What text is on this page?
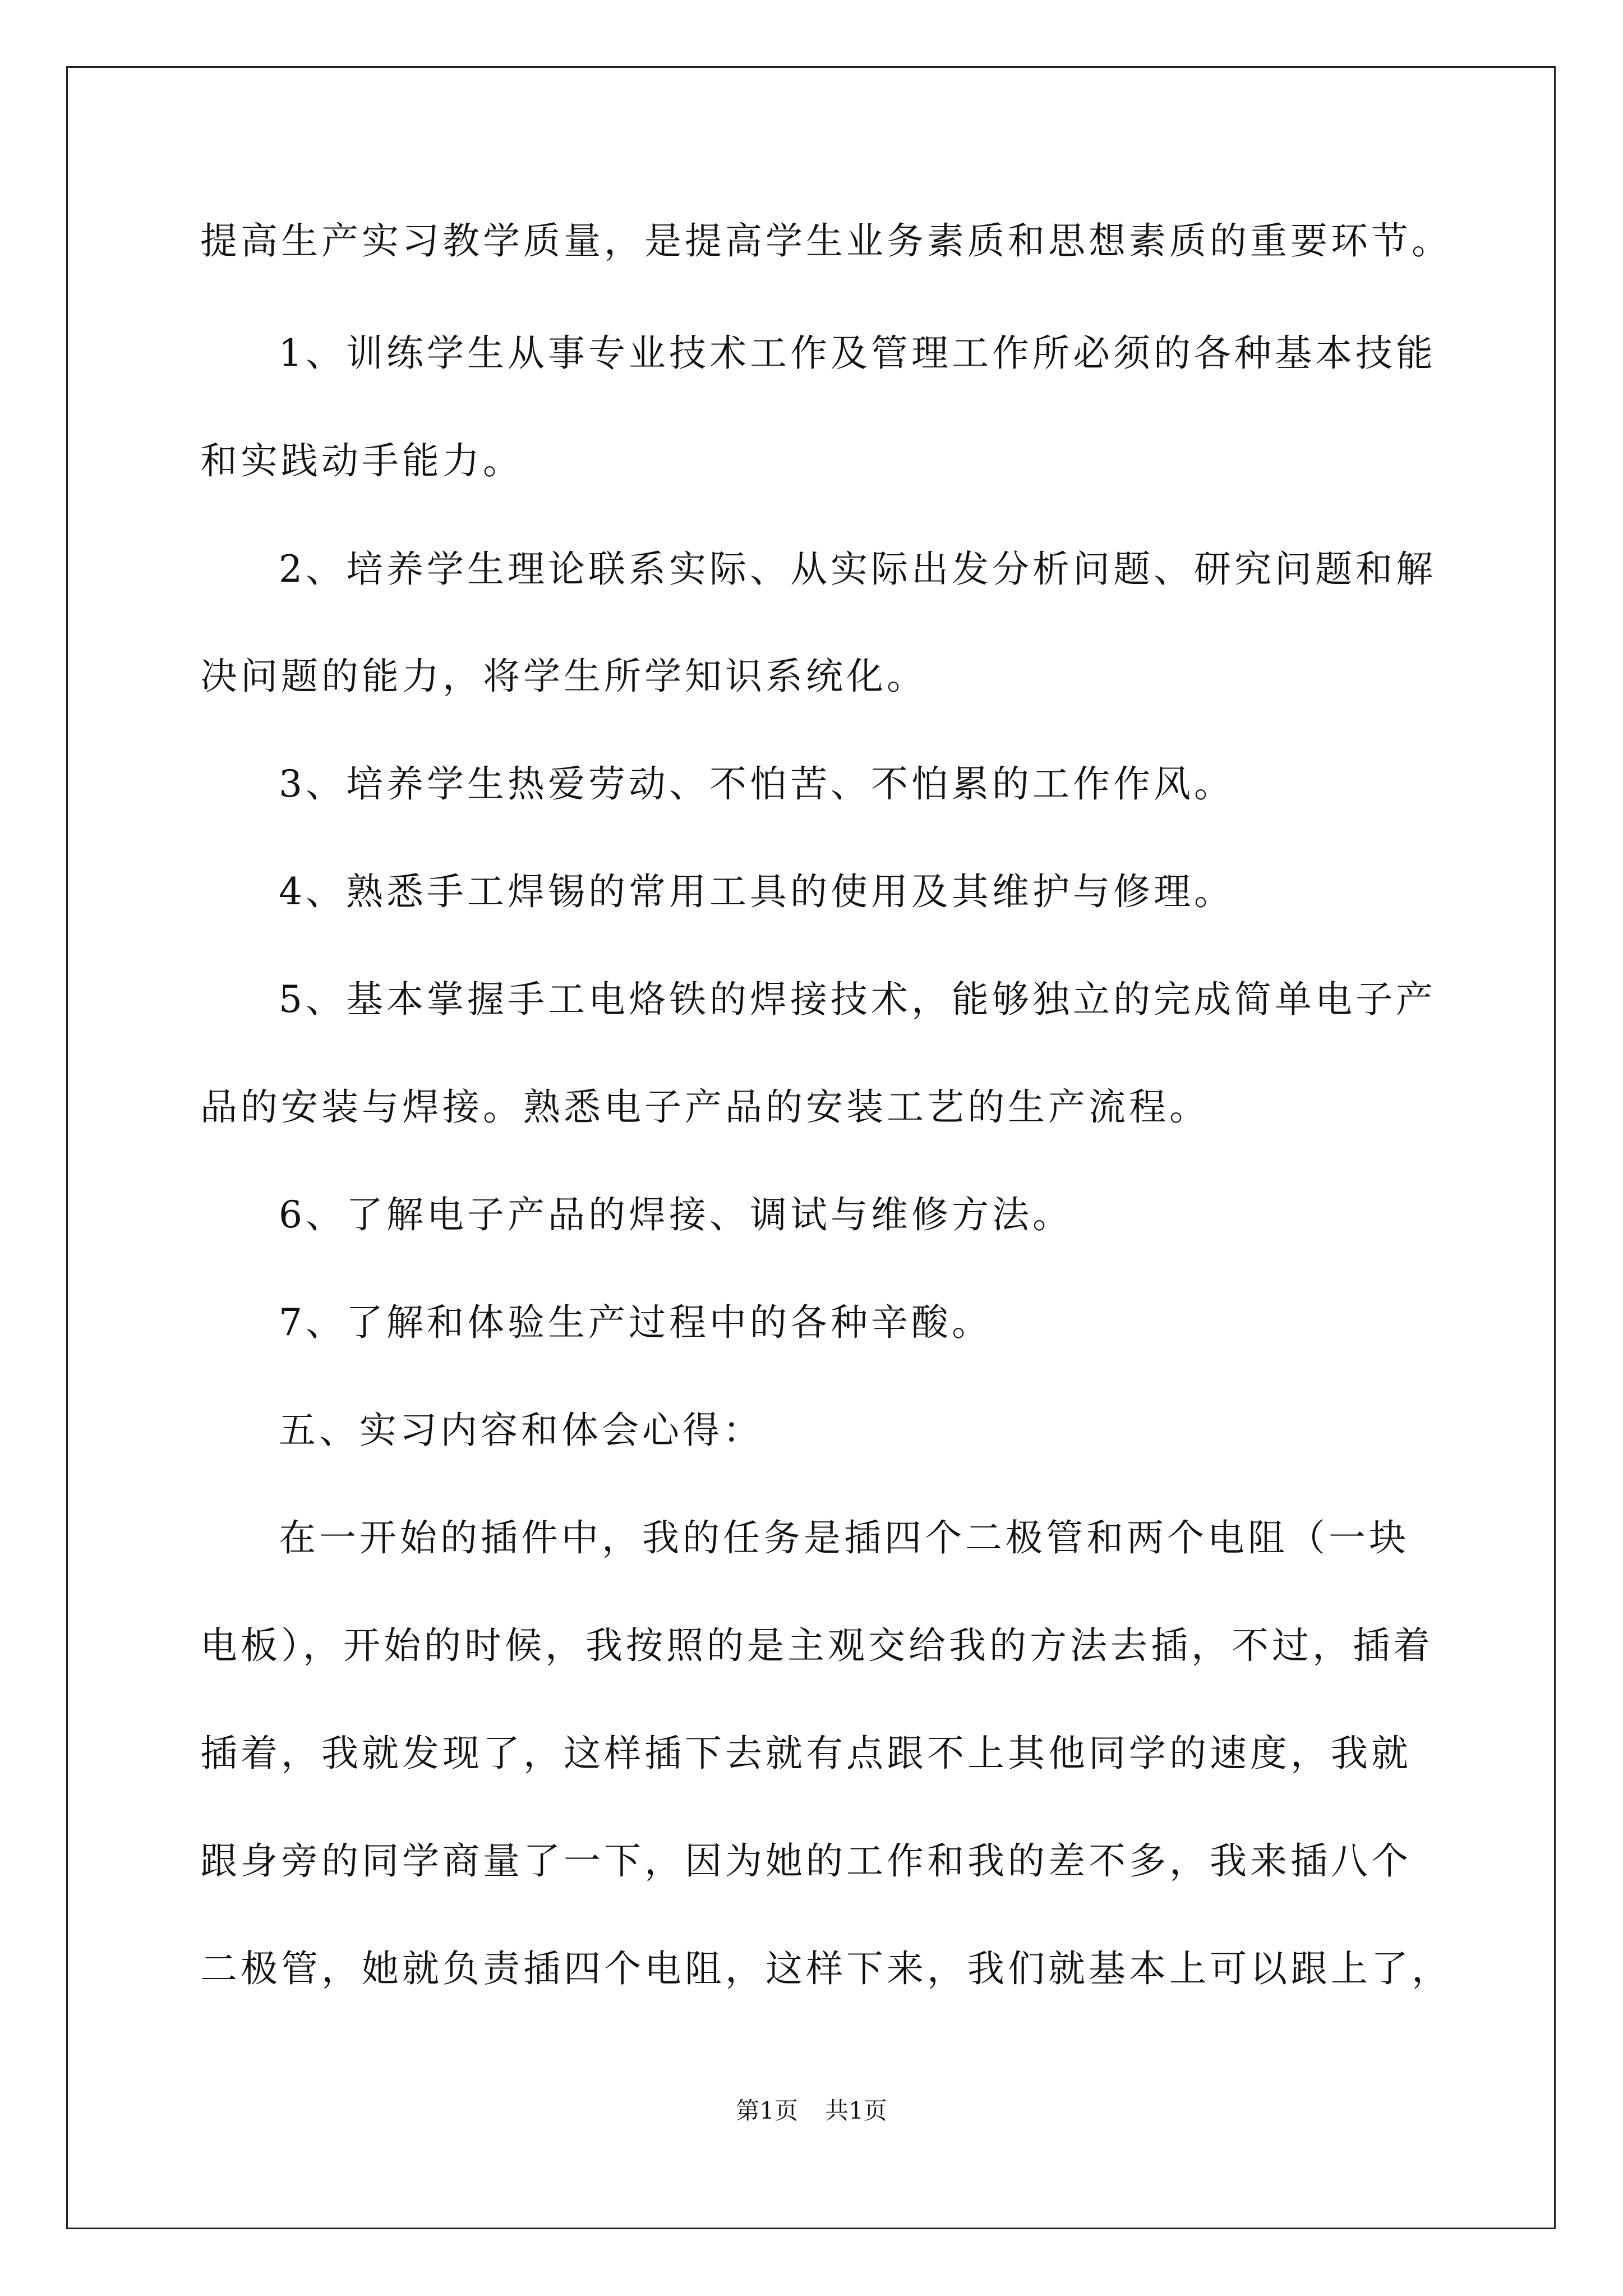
提高生产实习教学质量，是提高学生业务素质和思想素质的重要环节。
1、训练学生从事专业技术工作及管理工作所必须的各种基本技能
和实践动手能力。
2、培养学生理论联系实际、从实际出发分析问题、研究问题和解
决问题的能力，将学生所学知识系统化。
3、培养学生热爱劳动、不怕苦、不怕累的工作作风。
4、熟悉手工焊锡的常用工具的使用及其维护与修理。
5、基本掌握手工电烙铁的焊接技术，能够独立的完成简单电子产
品的安装与焊接。熟悉电子产品的安装工艺的生产流程。
6、了解电子产品的焊接、调试与维修方法。
7、了解和体验生产过程中的各种辛酸。
五、实习内容和体会心得：
在一开始的插件中，我的任务是插四个二极管和两个电阻（一块
电板），开始的时候，我按照的是主观交给我的方法去插，不过，插着
插着，我就发现了，这样插下去就有点跟不上其他同学的速度，我就
跟身旁的同学商量了一下，因为她的工作和我的差不多，我来插八个
二极管，她就负责插四个电阻，这样下来，我们就基本上可以跟上了，
第1页 共1页
